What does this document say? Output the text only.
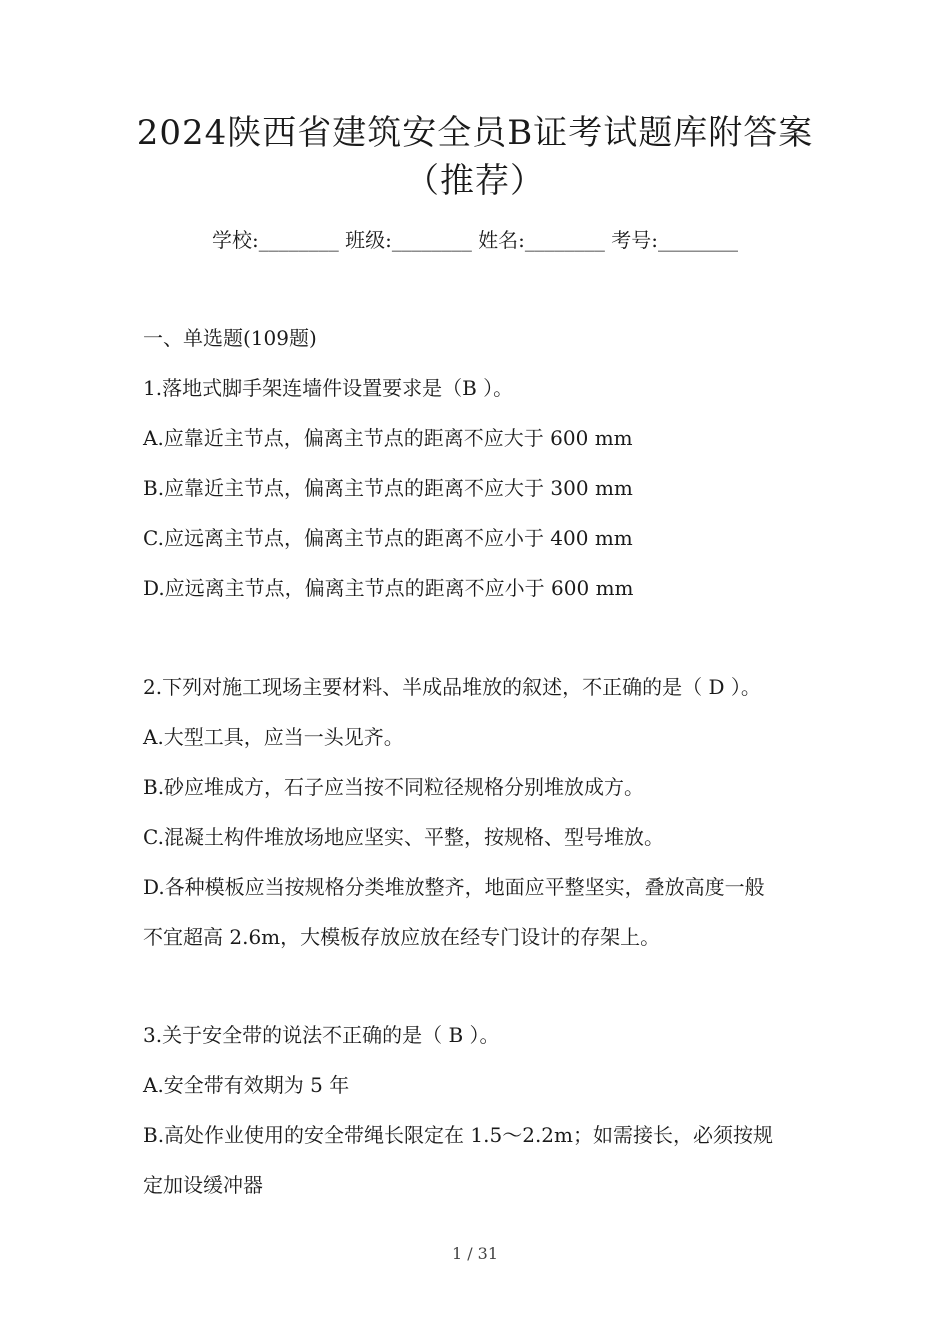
2024陕西省建筑安全员B证考试题库附答案
（推荐）
学校:________ 班级:________ 姓名:________ 考号:________
一、单选题(109题)
1.落地式脚手架连墙件设置要求是（B ）。
A.应靠近主节点，偏离主节点的距离不应大于 600 mm
B.应靠近主节点，偏离主节点的距离不应大于 300 mm
C.应远离主节点，偏离主节点的距离不应小于 400 mm
D.应远离主节点，偏离主节点的距离不应小于 600 mm
2.下列对施工现场主要材料、半成品堆放的叙述，不正确的是（ D ）。
A.大型工具，应当一头见齐。
B.砂应堆成方，石子应当按不同粒径规格分别堆放成方。
C.混凝土构件堆放场地应坚实、平整，按规格、型号堆放。
D.各种模板应当按规格分类堆放整齐，地面应平整坚实，叠放高度一般
不宜超高 2.6m，大模板存放应放在经专门设计的存架上。
3.关于安全带的说法不正确的是（ B ）。
A.安全带有效期为 5 年
B.高处作业使用的安全带绳长限定在 1.5～2.2m；如需接长，必须按规
定加设缓冲器
1 / 31
